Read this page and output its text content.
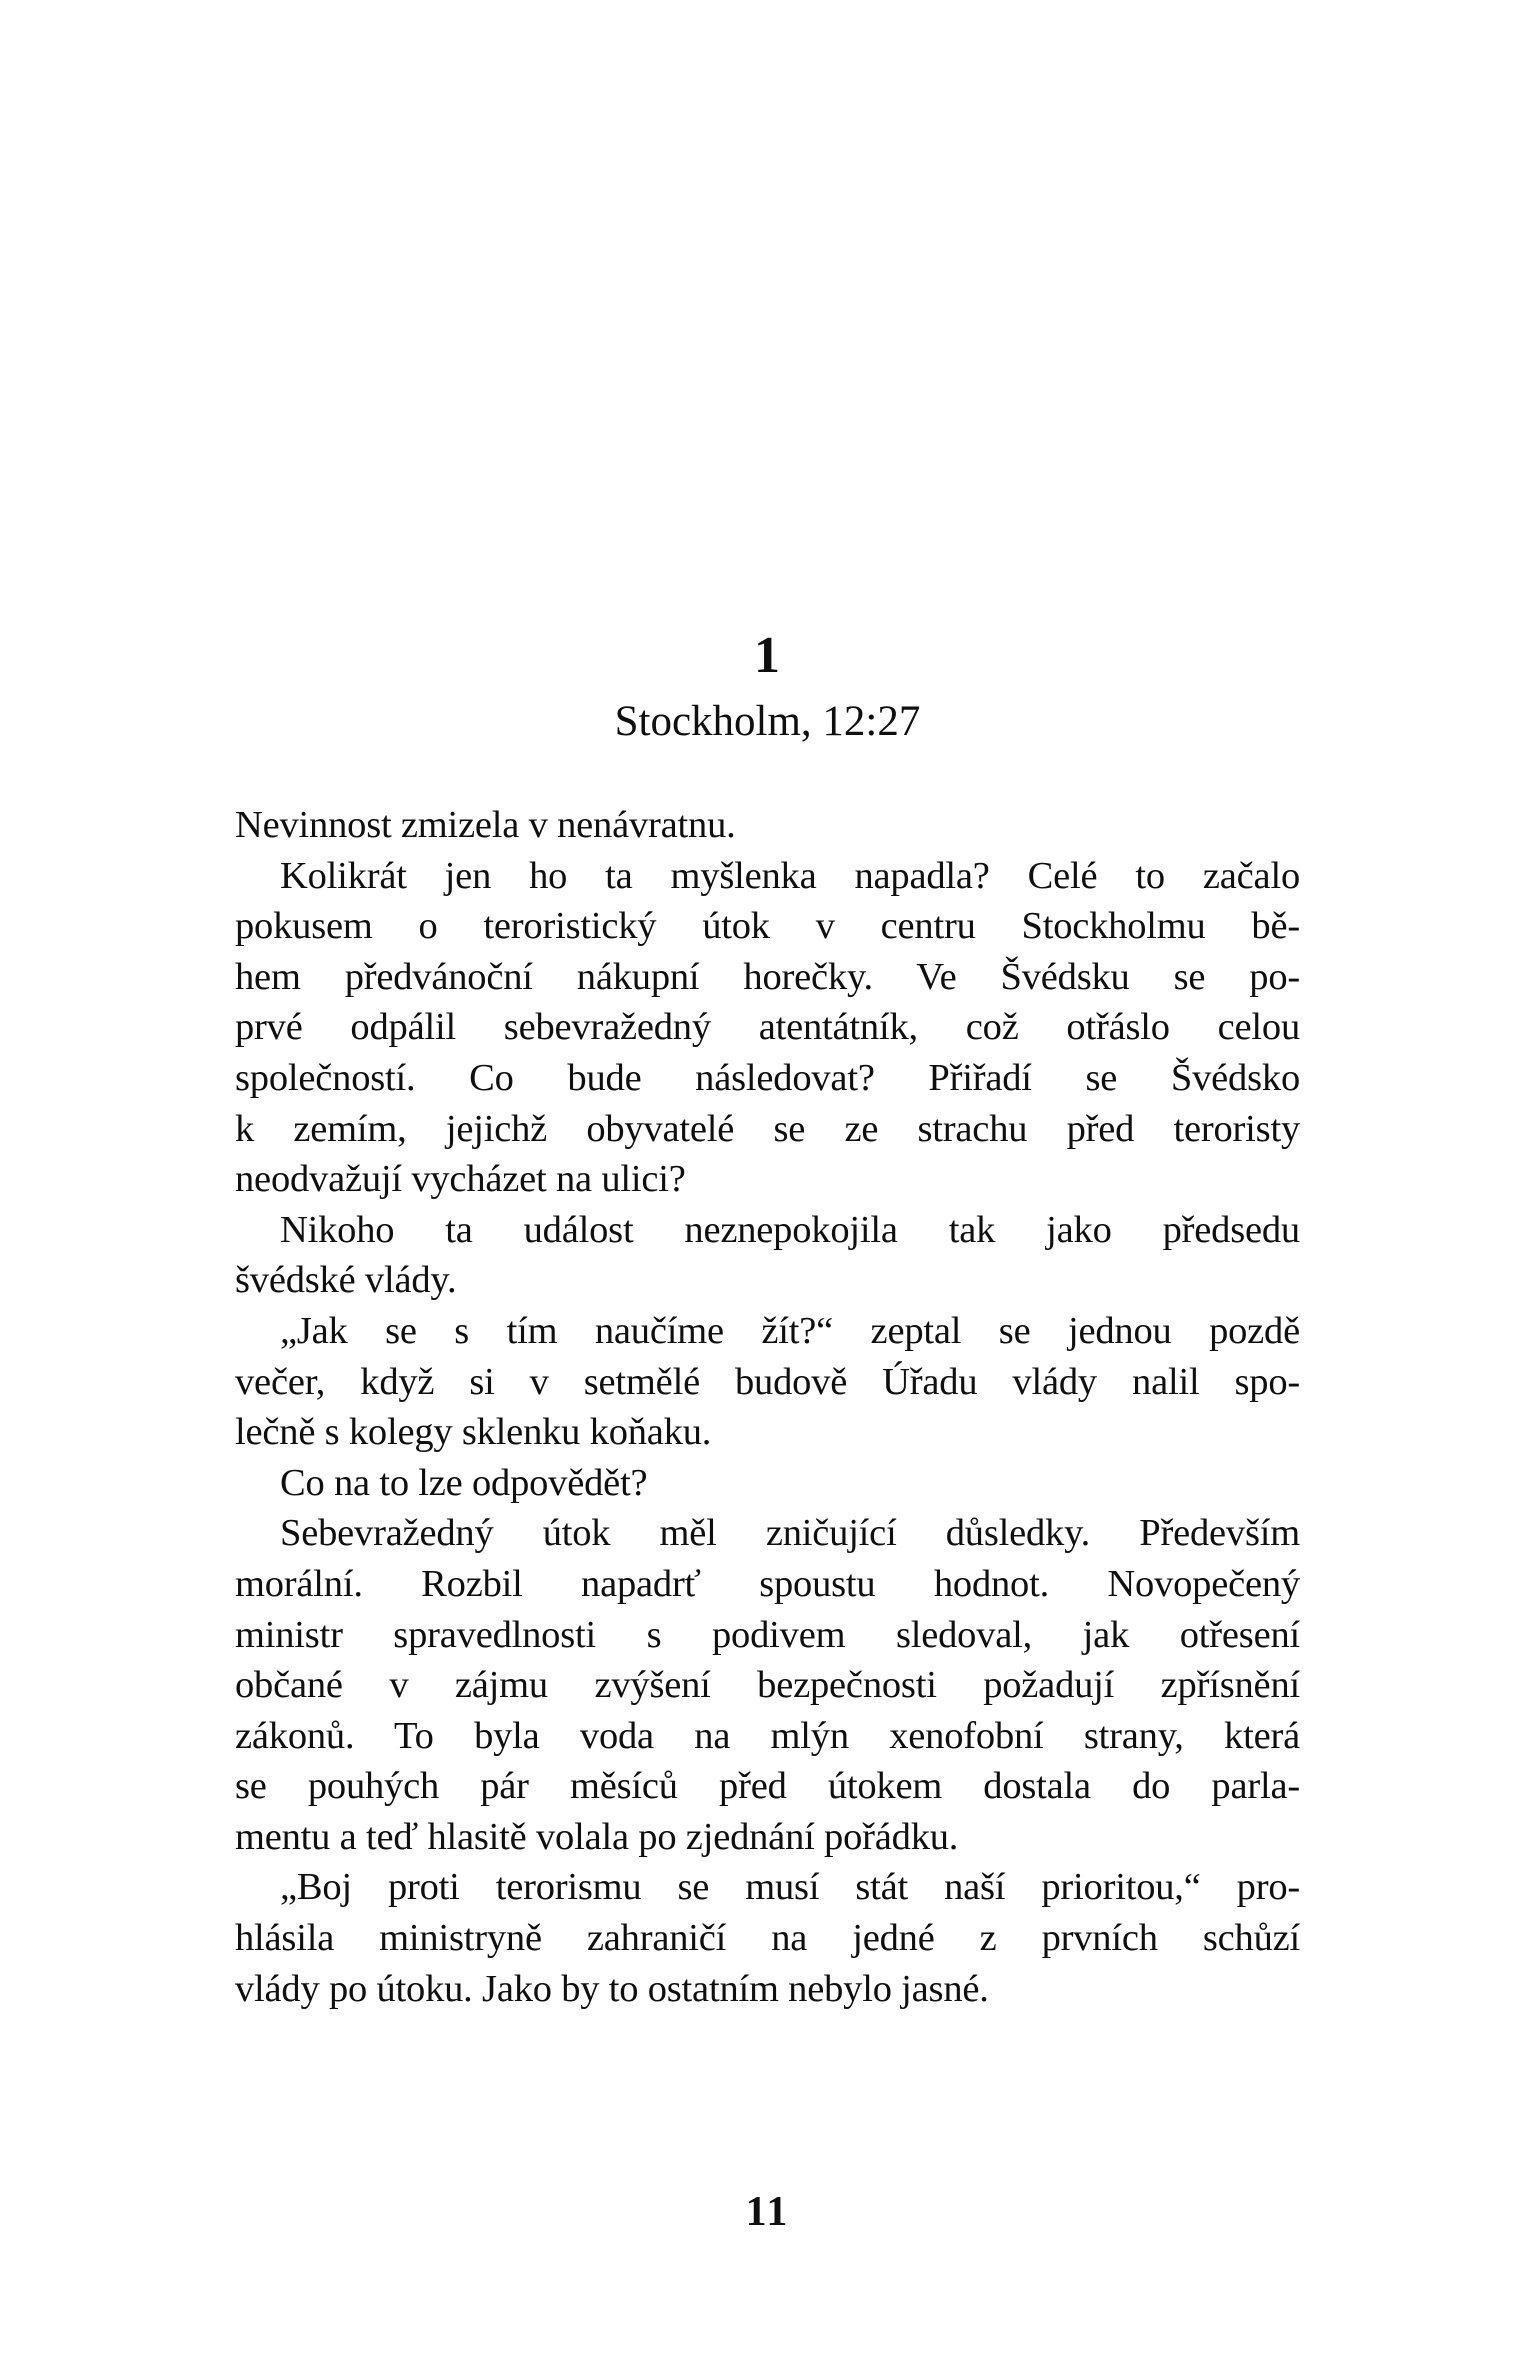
1
Stockholm, 12:27
Nevinnost zmizela v nenávratnu.
Kolikrát jen ho ta myšlenka napadla? Celé to začalo
pokusem o teroristický útok v centru Stockholmu bě-
hem předvánoční nákupní horečky. Ve Švédsku se po-
prvé odpálil sebevražedný atentátník, což otřáslo celou
společností. Co bude následovat? Přiřadí se Švédsko
k zemím, jejichž obyvatelé se ze strachu před teroristy
neodvažují vycházet na ulici?
Nikoho ta událost neznepokojila tak jako předsedu
švédské vlády.
„Jak se s tím naučíme žít?“ zeptal se jednou pozdě
večer, když si v setmělé budově Úřadu vlády nalil spo-
lečně s kolegy sklenku koňaku.
Co na to lze odpovědět?
Sebevražedný útok měl zničující důsledky. Především
morální. Rozbil napadrť spoustu hodnot. Novopečený
ministr spravedlnosti s podivem sledoval, jak otřesení
občané v zájmu zvýšení bezpečnosti požadují zpřísnění
zákonů. To byla voda na mlýn xenofobní strany, která
se pouhých pár měsíců před útokem dostala do parla-
mentu a teď hlasitě volala po zjednání pořádku.
„Boj proti terorismu se musí stát naší prioritou,“ pro-
hlásila ministryně zahraničí na jedné z prvních schůzí
vlády po útoku. Jako by to ostatním nebylo jasné.
11
